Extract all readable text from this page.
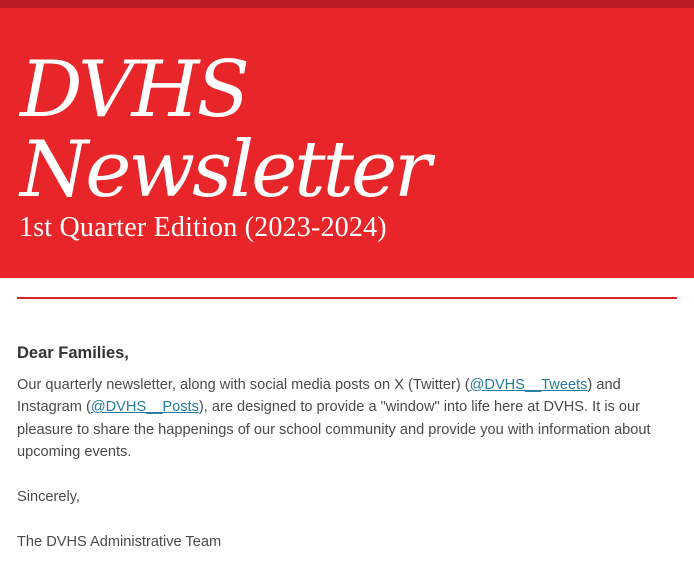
DVHS
Newsletter
1st Quarter Edition (2023-2024)
Dear Families,

Our quarterly newsletter, along with social media posts on X (Twitter) (@DVHS__Tweets) and Instagram (@DVHS__Posts), are designed to provide a "window" into life here at DVHS. It is our pleasure to share the happenings of our school community and provide you with information about upcoming events.

Sincerely,

The DVHS Administrative Team
